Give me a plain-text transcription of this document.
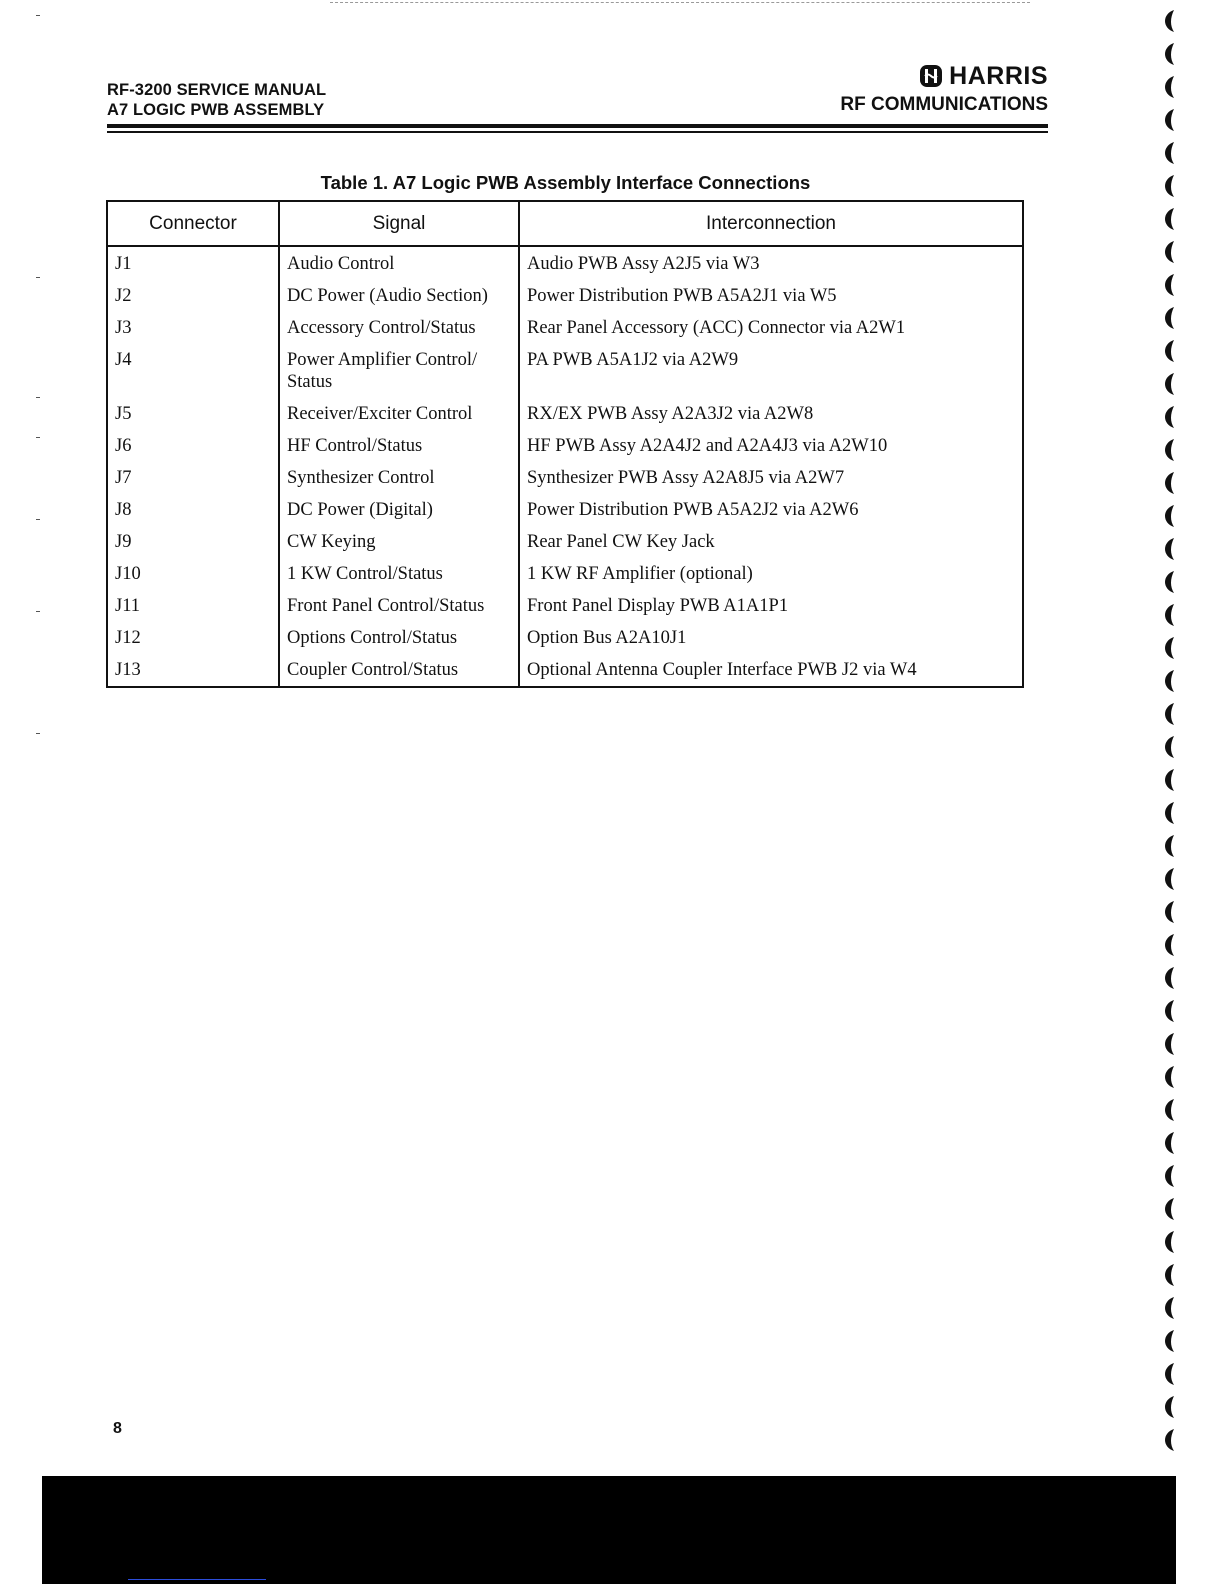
RF-3200 SERVICE MANUAL
A7 LOGIC PWB ASSEMBLY
HARRIS
RF COMMUNICATIONS
Table 1. A7 Logic PWB Assembly Interface Connections
Connector	Signal	Interconnection
J1	Audio Control	Audio PWB Assy A2J5 via W3
J2	DC Power (Audio Section)	Power Distribution PWB A5A2J1 via W5
J3	Accessory Control/Status	Rear Panel Accessory (ACC) Connector via A2W1
J4	Power Amplifier Control/ Status	PA PWB A5A1J2 via A2W9
J5	Receiver/Exciter Control	RX/EX PWB Assy A2A3J2 via A2W8
J6	HF Control/Status	HF PWB Assy A2A4J2 and A2A4J3 via A2W10
J7	Synthesizer Control	Synthesizer PWB Assy A2A8J5 via A2W7
J8	DC Power (Digital)	Power Distribution PWB A5A2J2 via A2W6
J9	CW Keying	Rear Panel CW Key Jack
J10	1 KW Control/Status	1 KW RF Amplifier (optional)
J11	Front Panel Control/Status	Front Panel Display PWB A1A1P1
J12	Options Control/Status	Option Bus A2A10J1
J13	Coupler Control/Status	Optional Antenna Coupler Interface PWB J2 via W4
8
